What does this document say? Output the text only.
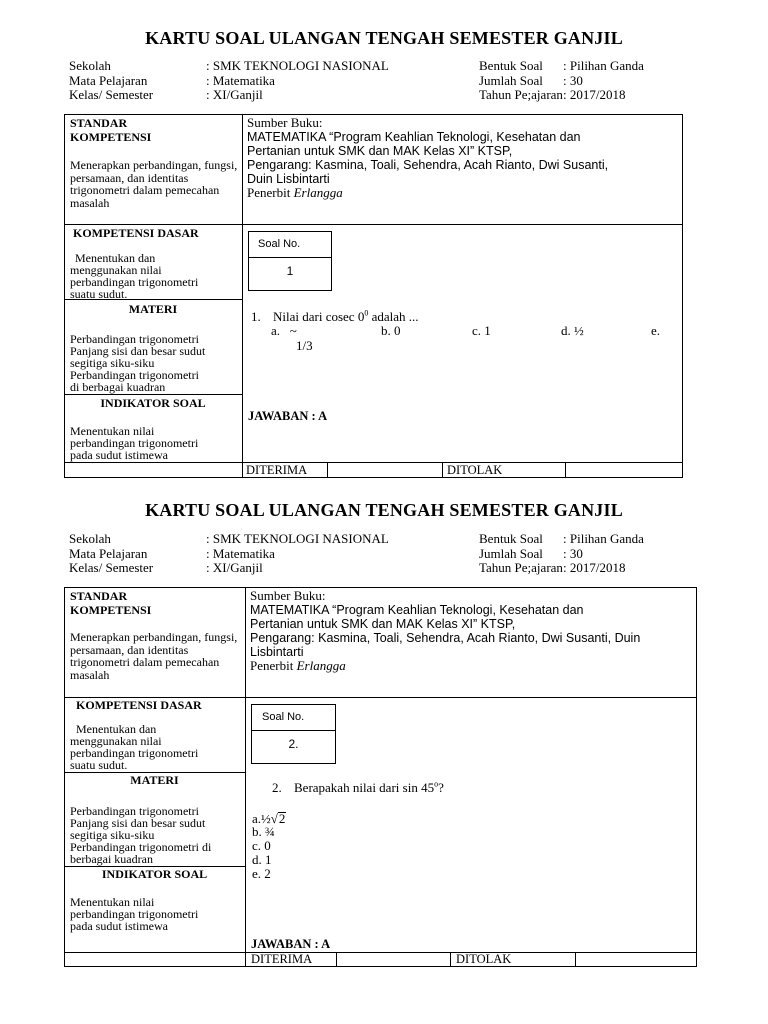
KARTU SOAL ULANGAN TENGAH SEMESTER GANJIL
Sekolah	: SMK TEKNOLOGI NASIONAL
Mata Pelajaran	: Matematika
Kelas/ Semester	: XI/Ganjil
Bentuk Soal : Pilihan Ganda
Jumlah Soal : 30
Tahun Pe;ajaran: 2017/2018
STANDAR
KOMPETENSI
Menerapkan perbandingan, fungsi, persamaan, dan identitas trigonometri dalam pemecahan masalah
Sumber Buku:
MATEMATIKA “Program Keahlian Teknologi, Kesehatan dan
Pertanian untuk SMK dan MAK Kelas XI” KTSP,
Pengarang: Kasmina, Toali, Sehendra, Acah Rianto, Dwi Susanti,
Duin Lisbintarti
Penerbit Erlangga
KOMPETENSI DASAR
Menentukan dan
menggunakan nilai
perbandingan trigonometri
suatu sudut.
MATERI
Perbandingan trigonometri
Panjang sisi dan besar sudut
segitiga siku-siku
Perbandingan trigonometri
di berbagai kuadran
INDIKATOR SOAL
Menentukan nilai
perbandingan trigonometri
pada sudut istimewa
Soal No.
1
1. Nilai dari cosec $0^0$ adalah ...
a.   ~	b. 0	c. 1	d. ½	e.
1/3
JAWABAN : A
DITERIMA	DITOLAK
KARTU SOAL ULANGAN TENGAH SEMESTER GANJIL
Sekolah	: SMK TEKNOLOGI NASIONAL
Mata Pelajaran	: Matematika
Kelas/ Semester	: XI/Ganjil
Bentuk Soal : Pilihan Ganda
Jumlah Soal : 30
Tahun Pe;ajaran: 2017/2018
STANDAR
KOMPETENSI
Menerapkan perbandingan, fungsi, persamaan, dan identitas trigonometri dalam pemecahan masalah
Sumber Buku:
MATEMATIKA “Program Keahlian Teknologi, Kesehatan dan
Pertanian untuk SMK dan MAK Kelas XI” KTSP,
Pengarang: Kasmina, Toali, Sehendra, Acah Rianto, Dwi Susanti, Duin
Lisbintarti
Penerbit Erlangga
KOMPETENSI DASAR
Menentukan dan
menggunakan nilai
perbandingan trigonometri
suatu sudut.
MATERI
Perbandingan trigonometri
Panjang sisi dan besar sudut
segitiga siku-siku
Perbandingan trigonometri di
berbagai kuadran
INDIKATOR SOAL
Menentukan nilai
perbandingan trigonometri
pada sudut istimewa
Soal No.
2.
2. Berapakah nilai dari sin 45$^o$?
a.½√2
b. ¾
c. 0
d. 1
e. 2
JAWABAN : A
DITERIMA	DITOLAK
